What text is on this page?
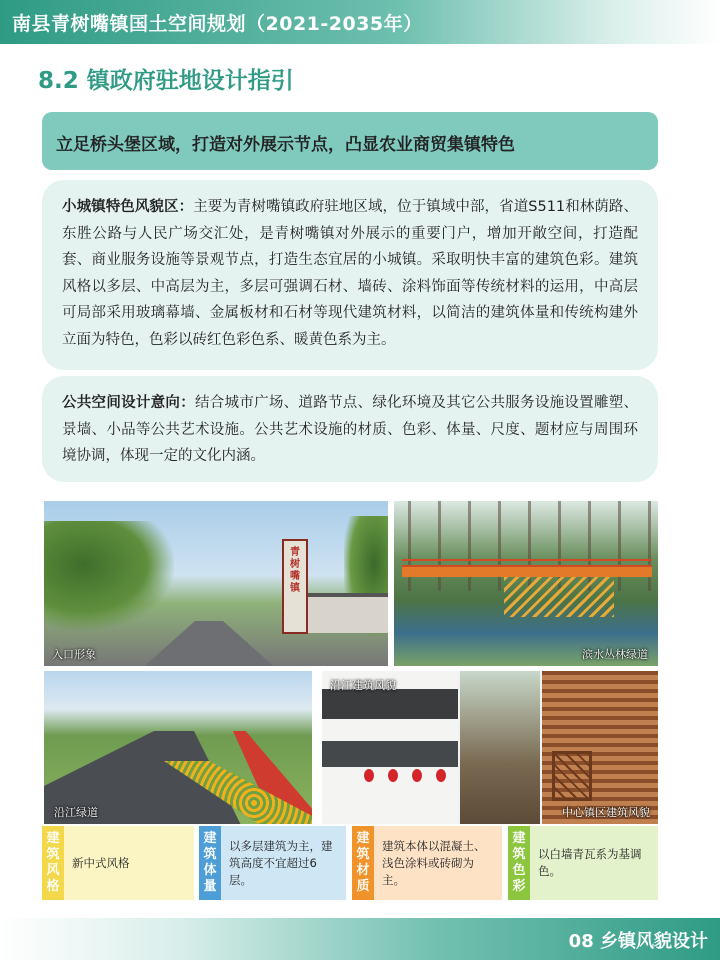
南县青树嘴镇国土空间规划（2021-2035年）
8.2 镇政府驻地设计指引
立足桥头堡区域，打造对外展示节点，凸显农业商贸集镇特色
小城镇特色风貌区：主要为青树嘴镇政府驻地区域，位于镇域中部，省道S511和林荫路、东胜公路与人民广场交汇处，是青树嘴镇对外展示的重要门户，增加开敞空间，打造配套、商业服务设施等景观节点，打造生态宜居的小城镇。采取明快丰富的建筑色彩。建筑风格以多层、中高层为主，多层可强调石材、墙砖、涂料饰面等传统材料的运用，中高层可局部采用玻璃幕墙、金属板材和石材等现代建筑材料，以简洁的建筑体量和传统构建外立面为特色，色彩以砖红色彩色系、暖黄色系为主。
公共空间设计意向：结合城市广场、道路节点、绿化环境及其它公共服务设施设置雕塑、景墙、小品等公共艺术设施。公共艺术设施的材质、色彩、体量、尺度、题材应与周围环境协调，体现一定的文化内涵。
青
树
嘴
镇
入口形象	滨水丛林绿道
沿江绿道
沿江建筑风貌
中心镇区建筑风貌
建
筑
风
格
新中式风格
建
筑
体
量
以多层建筑为主，建筑高度不宜超过6层。
建
筑
材
质
建筑本体以混凝土、浅色涂料或砖砌为主。
建
筑
色
彩
以白墙青瓦系为基调色。
08 乡镇风貌设计
